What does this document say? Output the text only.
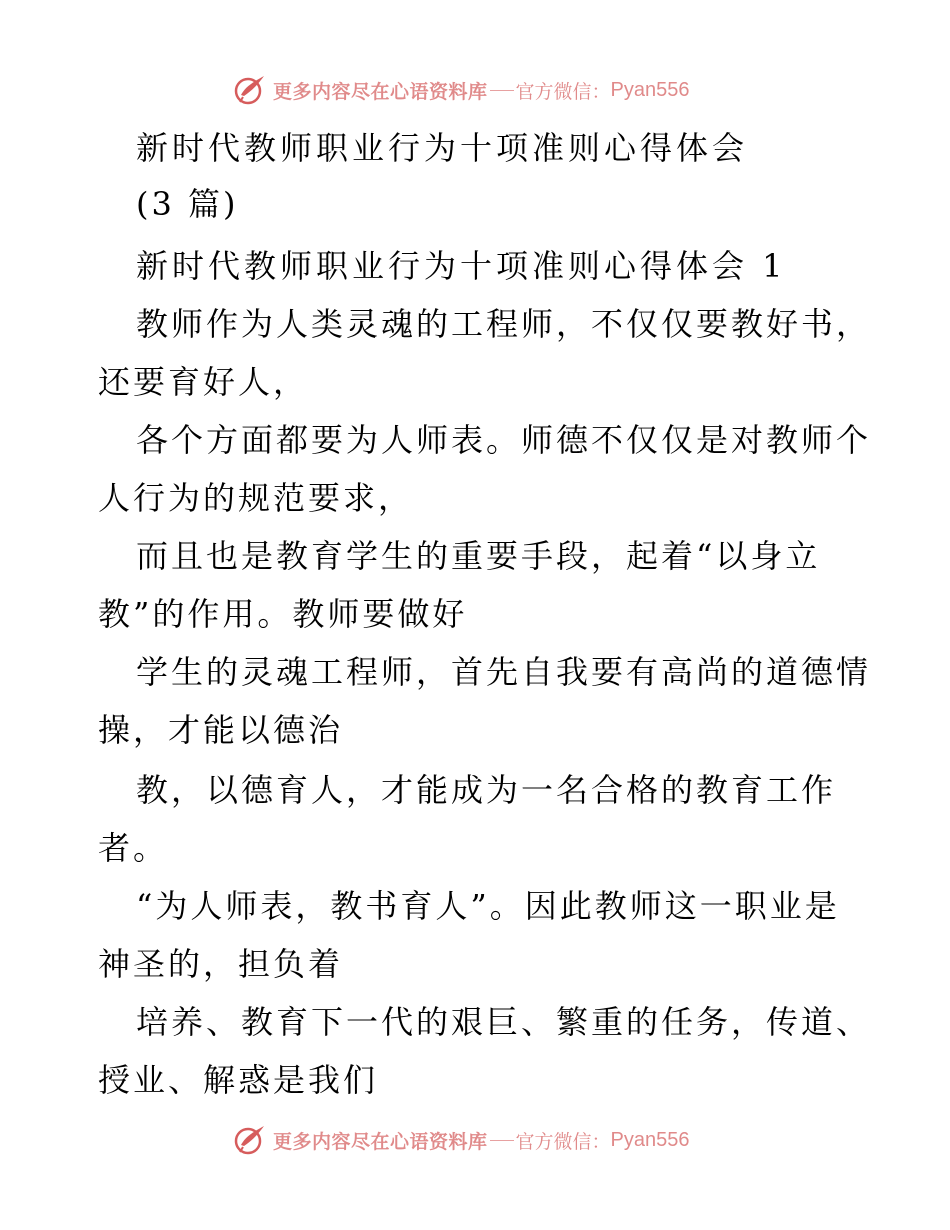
更多内容尽在心语资料库 官方微信： Pyan556
新时代教师职业行为十项准则心得体会
(3 篇)
新时代教师职业行为十项准则心得体会 1
教师作为人类灵魂的工程师，不仅仅要教好书，
还要育好人，
各个方面都要为人师表。师德不仅仅是对教师个
人行为的规范要求，
而且也是教育学生的重要手段，起着“以身立
教”的作用。教师要做好
学生的灵魂工程师，首先自我要有高尚的道德情
操，才能以德治
教，以德育人，才能成为一名合格的教育工作
者。
“为人师表，教书育人”。因此教师这一职业是
神圣的，担负着
培养、教育下一代的艰巨、繁重的任务，传道、
授业、解惑是我们
更多内容尽在心语资料库 官方微信： Pyan556
